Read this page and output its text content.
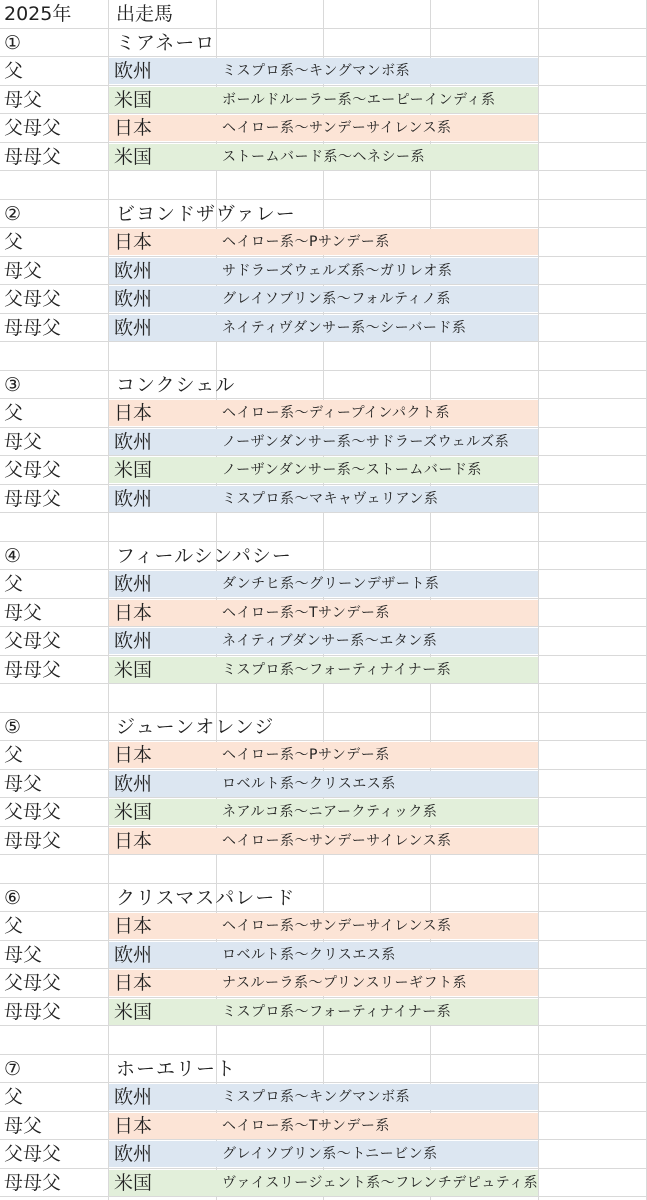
2025年 出走馬
①	ミアネーロ
父	欧州	ミスプロ系～キングマンボ系
母父	米国	ボールドルーラー系～エーピーインディ系
父母父	日本	ヘイロー系～サンデーサイレンス系
母母父	米国	ストームバード系～ヘネシー系
②	ビヨンドザヴァレー
父	日本	ヘイロー系～Pサンデー系
母父	欧州	サドラーズウェルズ系～ガリレオ系
父母父	欧州	グレイソブリン系～フォルティノ系
母母父	欧州	ネイティヴダンサー系～シーバード系
③	コンクシェル
父	日本	ヘイロー系～ディープインパクト系
母父	欧州	ノーザンダンサー系～サドラーズウェルズ系
父母父	米国	ノーザンダンサー系～ストームバード系
母母父	欧州	ミスプロ系～マキャヴェリアン系
④	フィールシンパシー
父	欧州	ダンチヒ系～グリーンデザート系
母父	日本	ヘイロー系～Tサンデー系
父母父	欧州	ネイティブダンサー系～エタン系
母母父	米国	ミスプロ系～フォーティナイナー系
⑤	ジューンオレンジ
父	日本	ヘイロー系～Pサンデー系
母父	欧州	ロベルト系～クリスエス系
父母父	米国	ネアルコ系～ニアークティック系
母母父	日本	ヘイロー系～サンデーサイレンス系
⑥	クリスマスパレード
父	日本	ヘイロー系～サンデーサイレンス系
母父	欧州	ロベルト系～クリスエス系
父母父	日本	ナスルーラ系～プリンスリーギフト系
母母父	米国	ミスプロ系～フォーティナイナー系
⑦	ホーエリート
父	欧州	ミスプロ系～キングマンボ系
母父	日本	ヘイロー系～Tサンデー系
父母父	欧州	グレイソブリン系～トニービン系
母母父	米国	ヴァイスリージェント系～フレンチデピュティ系
